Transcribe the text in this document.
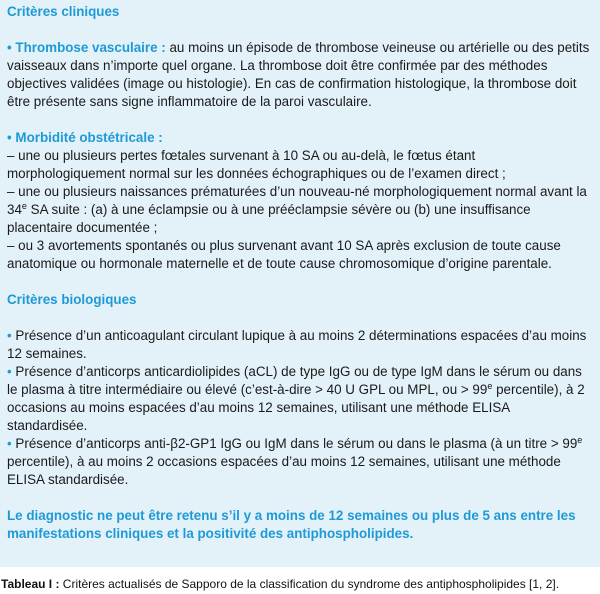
Critères cliniques

• Thrombose vasculaire : au moins un épisode de thrombose veineuse ou artérielle ou des petits vaisseaux dans n’importe quel organe. La thrombose doit être confirmée par des méthodes objectives validées (image ou histologie). En cas de confirmation histologique, la thrombose doit être présente sans signe inflammatoire de la paroi vasculaire.

• Morbidité obstétricale :

– une ou plusieurs pertes fœtales survenant à 10 SA ou au-delà, le fœtus étant morphologiquement normal sur les données échographiques ou de l’examen direct ;

– une ou plusieurs naissances prématurées d’un nouveau-né morphologiquement normal avant la 34e SA suite : (a) à une éclampsie ou à une prééclampsie sévère ou (b) une insuffisance placentaire documentée ;

– ou 3 avortements spontanés ou plus survenant avant 10 SA après exclusion de toute cause anatomique ou hormonale maternelle et de toute cause chromosomique d’origine parentale.

Critères biologiques

• Présence d’un anticoagulant circulant lupique à au moins 2 déterminations espacées d’au moins 12 semaines.

• Présence d’anticorps anticardiolipides (aCL) de type IgG ou de type IgM dans le sérum ou dans le plasma à titre intermédiaire ou élevé (c’est-à-dire > 40 U GPL ou MPL, ou > $99^e$ percentile), à 2 occasions au moins espacées d’au moins 12 semaines, utilisant une méthode ELISA standardisée.

• Présence d’anticorps anti-β2-GP1 IgG ou IgM dans le sérum ou dans le plasma (à un titre > $99^e$ percentile), à au moins 2 occasions espacées d’au moins 12 semaines, utilisant une méthode ELISA standardisée.

Le diagnostic ne peut être retenu s’il y a moins de 12 semaines ou plus de 5 ans entre les manifestations cliniques et la positivité des antiphospholipides.

Tableau I : Critères actualisés de Sapporo de la classification du syndrome des antiphospholipides [1, 2].
